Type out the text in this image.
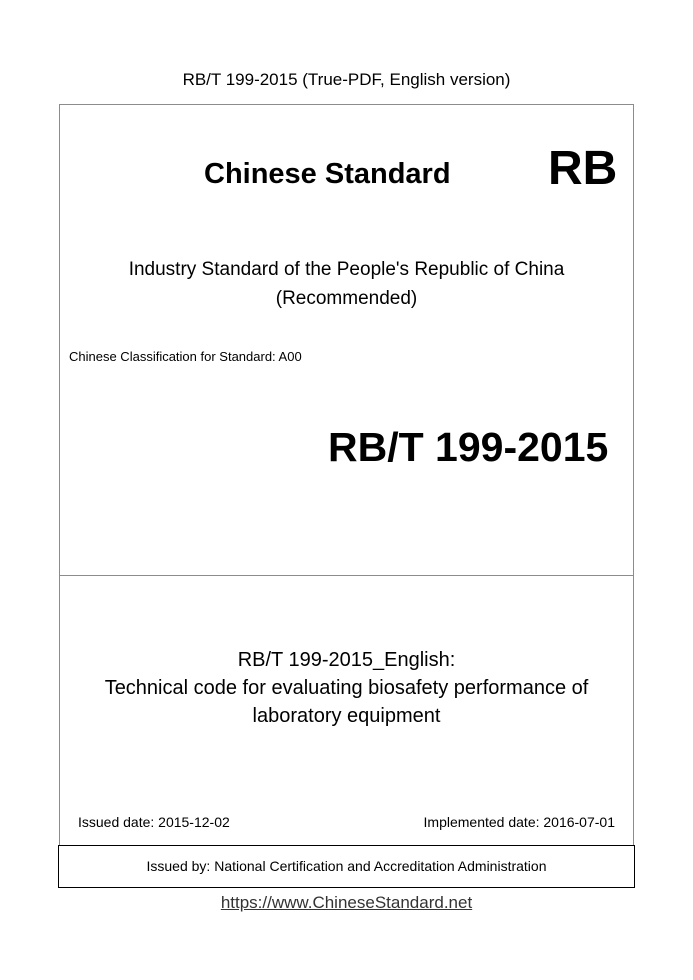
RB/T 199-2015 (True-PDF, English version)
Chinese Standard RB
Industry Standard of the People's Republic of China
(Recommended)
Chinese Classification for Standard: A00
RB/T 199-2015
RB/T 199-2015_English:
Technical code for evaluating biosafety performance of
laboratory equipment
Issued date: 2015-12-02	Implemented date: 2016-07-01
Issued by: National Certification and Accreditation Administration
https://www.ChineseStandard.net
